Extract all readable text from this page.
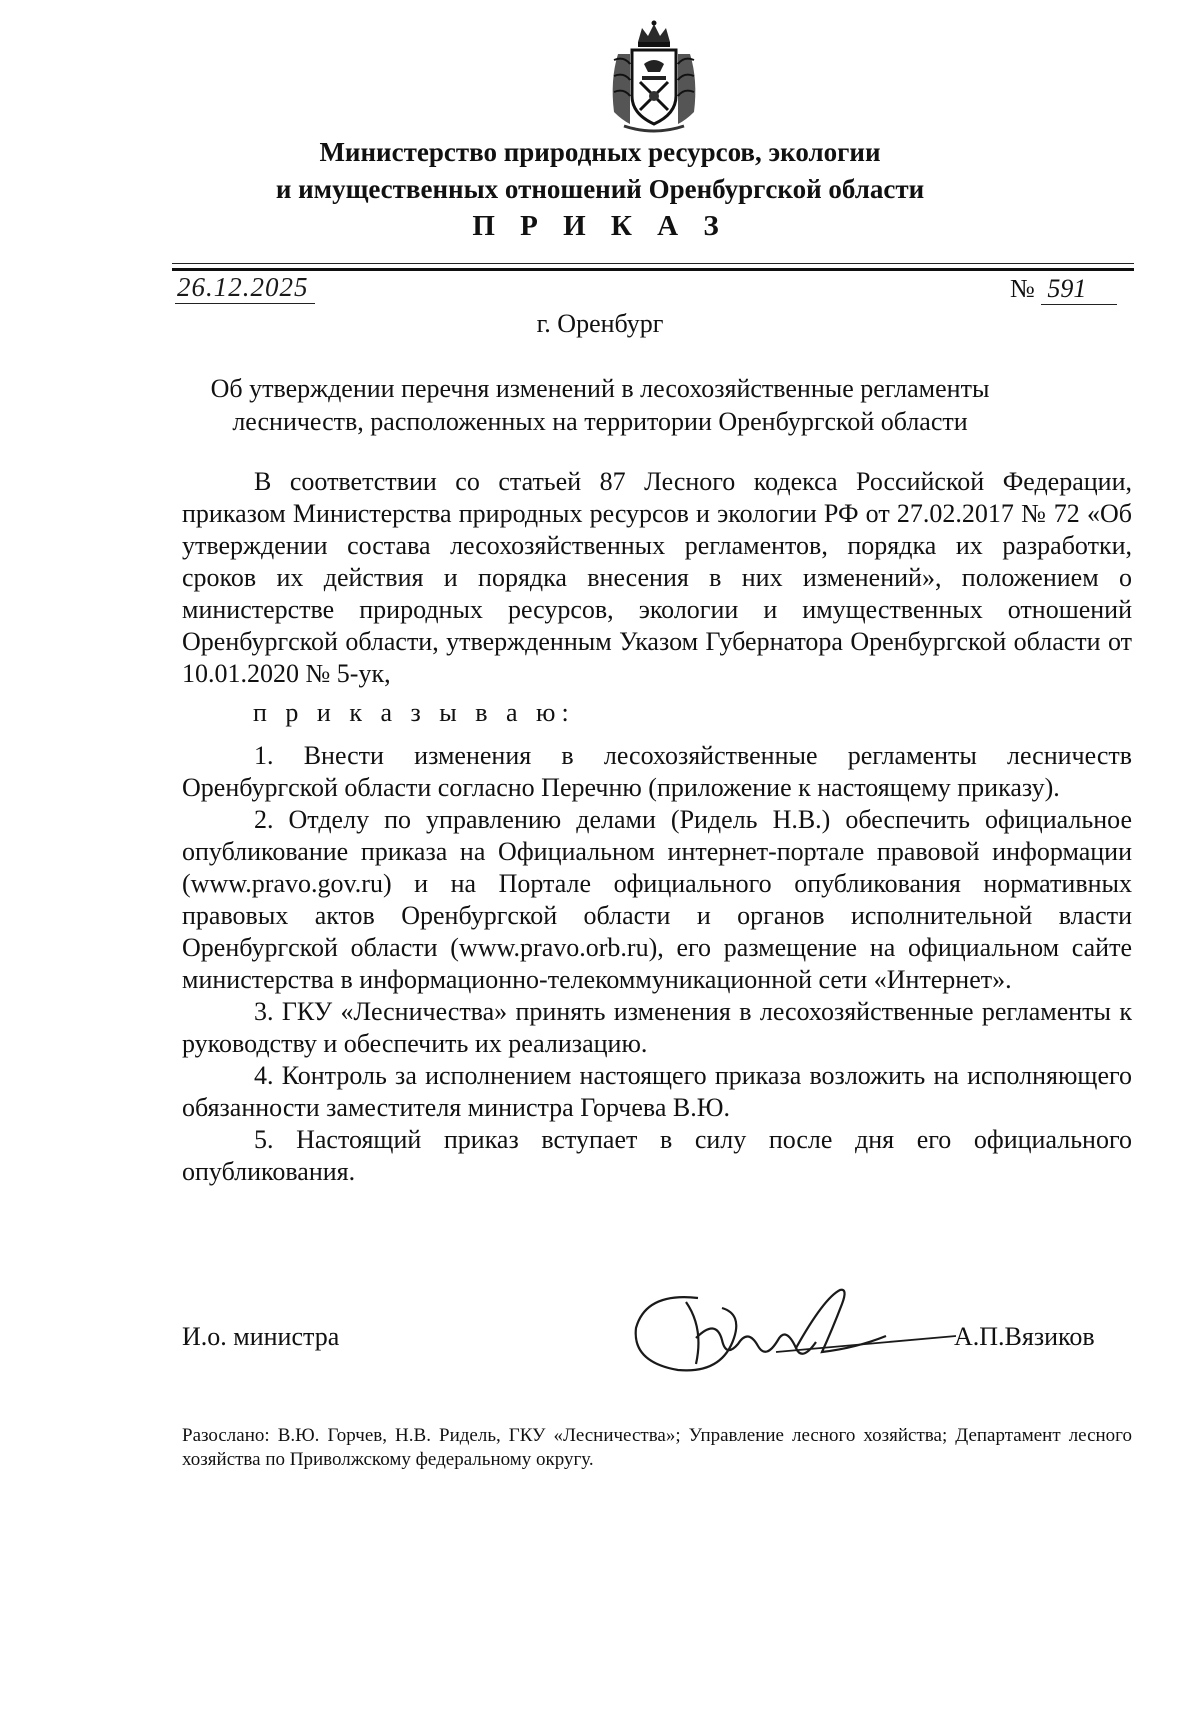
Министерство природных ресурсов, экологии
и имущественных отношений Оренбургской области
П Р И К А З
26.12.2025	№ 591
г. Оренбург
Об утверждении перечня изменений в лесохозяйственные регламенты
лесничеств, расположенных на территории Оренбургской области
В соответствии со статьей 87 Лесного кодекса Российской Федерации, приказом Министерства природных ресурсов и экологии РФ от 27.02.2017 № 72 «Об утверждении состава лесохозяйственных регламентов, порядка их разработки, сроков их действия и порядка внесения в них изменений», положением о министерстве природных ресурсов, экологии и имущественных отношений Оренбургской области, утвержденным Указом Губернатора Оренбургской области от 10.01.2020 № 5-ук,
п р и к а з ы в а ю:

1. Внести изменения в лесохозяйственные регламенты лесничеств Оренбургской области согласно Перечню (приложение к настоящему приказу).

2. Отделу по управлению делами (Ридель Н.В.) обеспечить официальное опубликование приказа на Официальном интернет-портале правовой информации (www.pravo.gov.ru) и на Портале официального опубликования нормативных правовых актов Оренбургской области и органов исполнительной власти Оренбургской области (www.pravo.orb.ru), его размещение на официальном сайте министерства в информационно-телекоммуникационной сети «Интернет».

3. ГКУ «Лесничества» принять изменения в лесохозяйственные регламенты к руководству и обеспечить их реализацию.

4. Контроль за исполнением настоящего приказа возложить на исполняющего обязанности заместителя министра Горчева В.Ю.

5. Настоящий приказ вступает в силу после дня его официального опубликования.

И.о. министра	А.П.Вязиков
Разослано: В.Ю. Горчев, Н.В. Ридель, ГКУ «Лесничества»; Управление лесного хозяйства; Департамент лесного хозяйства по Приволжскому федеральному округу.
